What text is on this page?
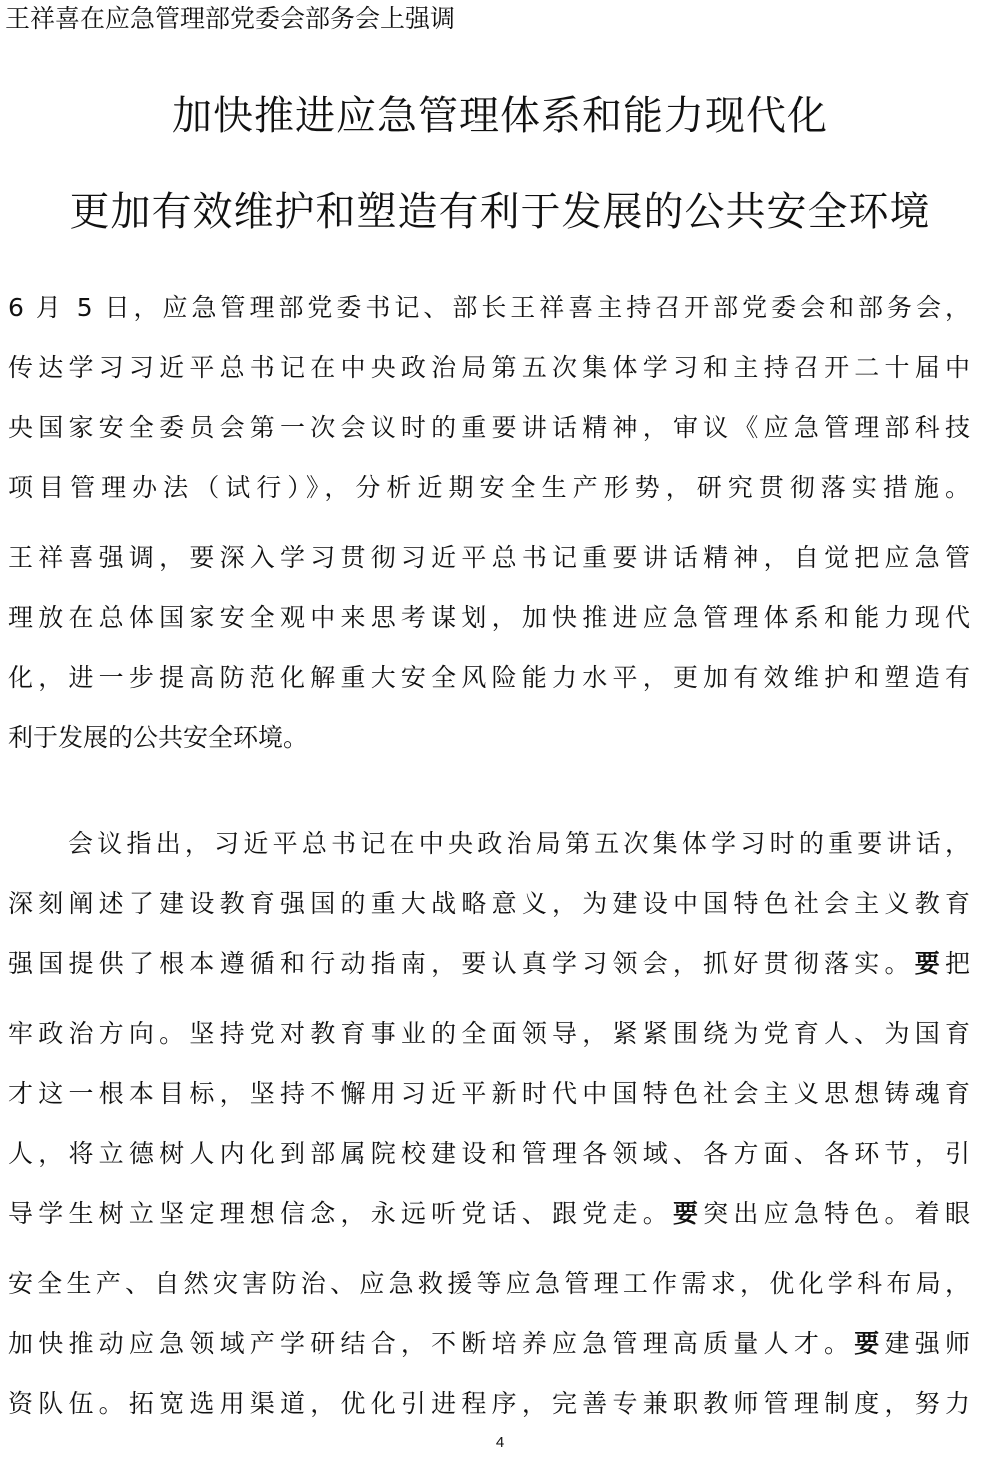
王祥喜在应急管理部党委会部务会上强调
加快推进应急管理体系和能力现代化
更加有效维护和塑造有利于发展的公共安全环境
6 月 5 日，应急管理部党委书记、部长王祥喜主持召开部党委会和部务会，
传达学习习近平总书记在中央政治局第五次集体学习和主持召开二十届中
央国家安全委员会第一次会议时的重要讲话精神，审议《应急管理部科技
项目管理办法（试行）》，分析近期安全生产形势，研究贯彻落实措施。
王祥喜强调，要深入学习贯彻习近平总书记重要讲话精神，自觉把应急管
理放在总体国家安全观中来思考谋划，加快推进应急管理体系和能力现代
化，进一步提高防范化解重大安全风险能力水平，更加有效维护和塑造有
利于发展的公共安全环境。
会议指出，习近平总书记在中央政治局第五次集体学习时的重要讲话，
深刻阐述了建设教育强国的重大战略意义，为建设中国特色社会主义教育
强国提供了根本遵循和行动指南，要认真学习领会，抓好贯彻落实。要把
牢政治方向。坚持党对教育事业的全面领导，紧紧围绕为党育人、为国育
才这一根本目标，坚持不懈用习近平新时代中国特色社会主义思想铸魂育
人，将立德树人内化到部属院校建设和管理各领域、各方面、各环节，引
导学生树立坚定理想信念，永远听党话、跟党走。要突出应急特色。着眼
安全生产、自然灾害防治、应急救援等应急管理工作需求，优化学科布局，
加快推动应急领域产学研结合，不断培养应急管理高质量人才。要建强师
资队伍。拓宽选用渠道，优化引进程序，完善专兼职教师管理制度，努力
4
